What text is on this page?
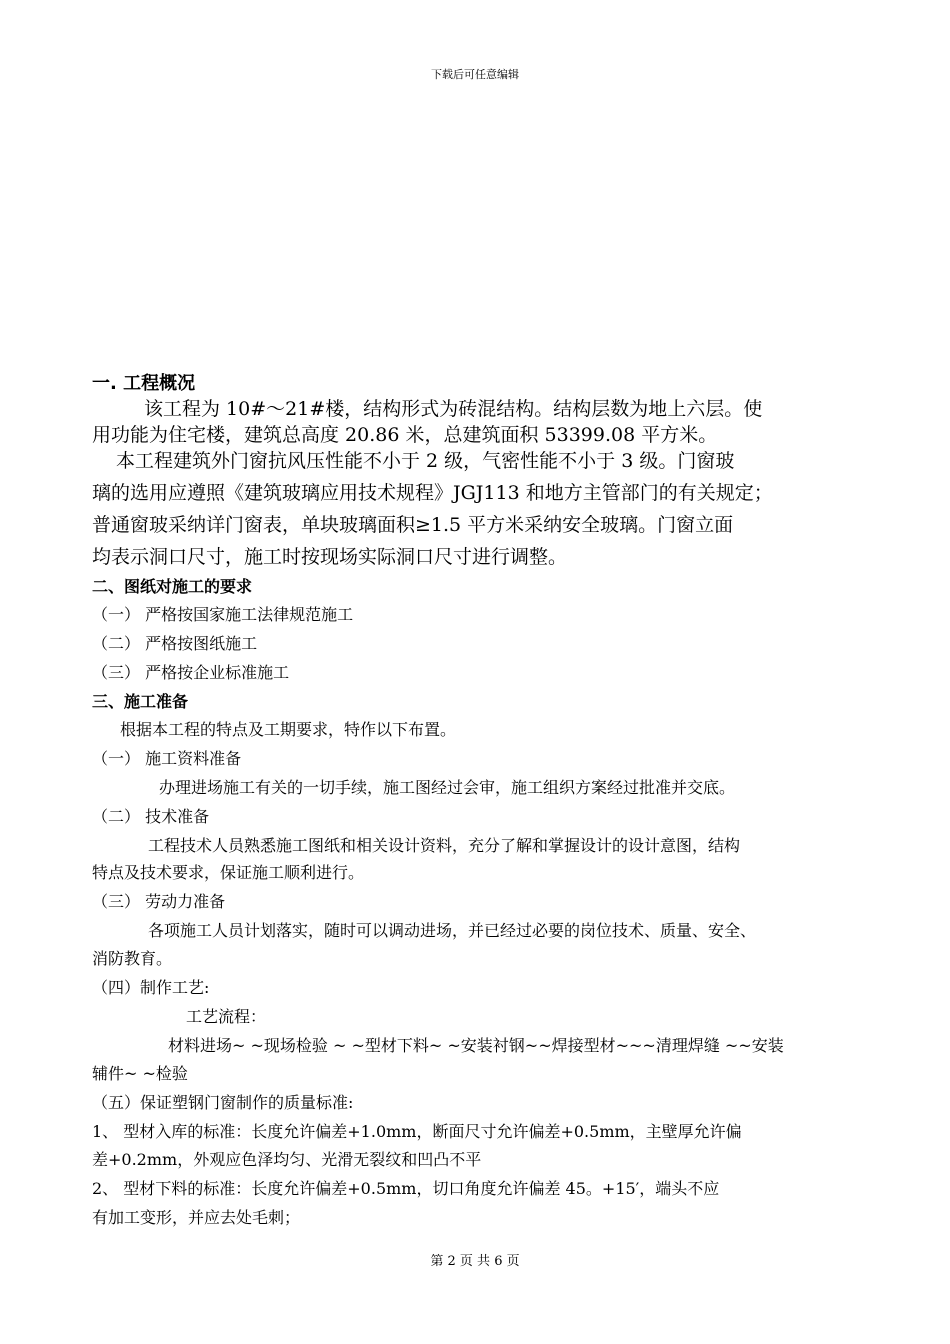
下载后可任意编辑
一. 工程概况
该工程为 10#～21#楼，结构形式为砖混结构。结构层数为地上六层。使
用功能为住宅楼，建筑总高度 20.86 米，总建筑面积 53399.08 平方米。
本工程建筑外门窗抗风压性能不小于 2 级，气密性能不小于 3 级。门窗玻
璃的选用应遵照《建筑玻璃应用技术规程》JGJ113 和地方主管部门的有关规定；
普通窗玻采纳详门窗表，单块玻璃面积≥1.5 平方米采纳安全玻璃。门窗立面
均表示洞口尺寸，施工时按现场实际洞口尺寸进行调整。
二、图纸对施工的要求
（一） 严格按国家施工法律规范施工
（二） 严格按图纸施工
（三） 严格按企业标准施工
三、施工准备
根据本工程的特点及工期要求，特作以下布置。
（一） 施工资料准备
办理进场施工有关的一切手续，施工图经过会审，施工组织方案经过批准并交底。
（二） 技术准备
工程技术人员熟悉施工图纸和相关设计资料，充分了解和掌握设计的设计意图，结构
特点及技术要求，保证施工顺利进行。
（三） 劳动力准备
各项施工人员计划落实，随时可以调动进场，并已经过必要的岗位技术、质量、安全、
消防教育。
（四）制作工艺:
工艺流程：
材料进场~ ~现场检验 ~ ~型材下料~ ~安装衬钢~~焊接型材~~~清理焊缝 ~~安装
辅件~ ~检验
（五）保证塑钢门窗制作的质量标准:
1、 型材入库的标准：长度允许偏差+1.0mm，断面尺寸允许偏差+0.5mm，主壁厚允许偏
差+0.2mm，外观应色泽均匀、光滑无裂纹和凹凸不平
2、 型材下料的标准：长度允许偏差+0.5mm，切口角度允许偏差 45。+15′，端头不应
有加工变形，并应去处毛刺；
第 2 页 共 6 页
